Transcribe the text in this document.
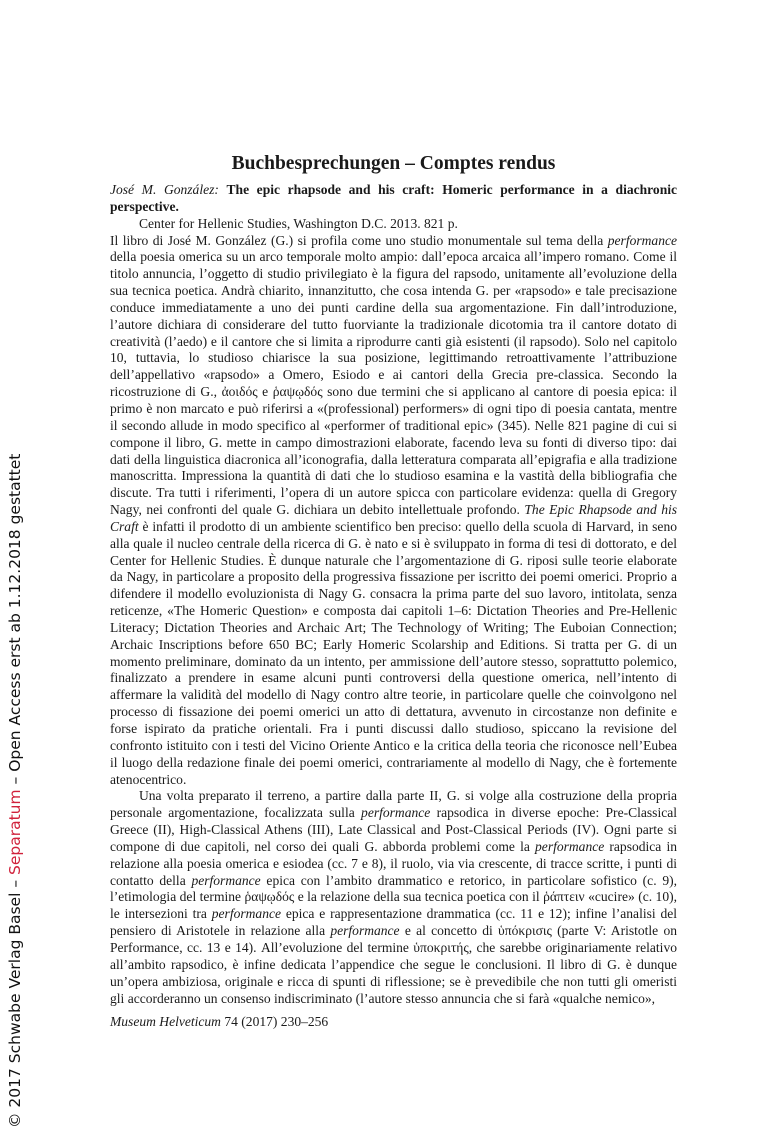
© 2017 Schwabe Verlag Basel – Separatum – Open Access erst ab 1.12.2018 gestattet
Buchbesprechungen – Comptes rendus

José M. González: The epic rhapsode and his craft: Homeric performance in a diachronic perspective.

Center for Hellenic Studies, Washington D.C. 2013. 821 p.

Il libro di José M. González (G.) si profila come uno studio monumentale sul tema della performance della poesia omerica su un arco temporale molto ampio: dall’epoca arcaica all’impero romano. Come il titolo annuncia, l’oggetto di studio privilegiato è la figura del rapsodo, unitamente all’evoluzione della sua tecnica poetica. Andrà chiarito, innanzitutto, che cosa intenda G. per «rapsodo» e tale precisazione conduce immediatamente a uno dei punti cardine della sua argomentazione. Fin dall’introduzione, l’autore dichiara di considerare del tutto fuorviante la tradizionale dicotomia tra il cantore dotato di creatività (l’aedo) e il cantore che si limita a riprodurre canti già esistenti (il rapsodo). Solo nel capitolo 10, tuttavia, lo studioso chiarisce la sua posizione, legittimando retroattivamente l’attribuzione dell’appellativo «rapsodo» a Omero, Esiodo e ai cantori della Grecia pre-classica. Secondo la ricostruzione di G., ἀοιδός e ῥαψῳδός sono due termini che si applicano al cantore di poesia epica: il primo è non marcato e può riferirsi a «(professional) performers» di ogni tipo di poesia cantata, mentre il secondo allude in modo specifico al «performer of traditional epic» (345). Nelle 821 pagine di cui si compone il libro, G. mette in campo dimostrazioni elaborate, facendo leva su fonti di diverso tipo: dai dati della linguistica diacronica all’iconografia, dalla letteratura comparata all’epigrafia e alla tradizione manoscritta. Impressiona la quantità di dati che lo studioso esamina e la vastità della bibliografia che discute. Tra tutti i riferimenti, l’opera di un autore spicca con particolare evidenza: quella di Gregory Nagy, nei confronti del quale G. dichiara un debito intellettuale profondo. The Epic Rhapsode and his Craft è infatti il prodotto di un ambiente scientifico ben preciso: quello della scuola di Harvard, in seno alla quale il nucleo centrale della ricerca di G. è nato e si è sviluppato in forma di tesi di dottorato, e del Center for Hellenic Studies. È dunque naturale che l’argomentazione di G. riposi sulle teorie elaborate da Nagy, in particolare a proposito della progressiva fissazione per iscritto dei poemi omerici. Proprio a difendere il modello evoluzionista di Nagy G. consacra la prima parte del suo lavoro, intitolata, senza reticenze, «The Homeric Question» e composta dai capitoli 1–6: Dictation Theories and Pre-Hellenic Literacy; Dictation Theories and Archaic Art; The Technology of Writing; The Euboian Connection; Archaic Inscriptions before 650 BC; Early Homeric Scolarship and Editions. Si tratta per G. di un momento preliminare, dominato da un intento, per ammissione dell’autore stesso, soprattutto polemico, finalizzato a prendere in esame alcuni punti controversi della questione omerica, nell’intento di affermare la validità del modello di Nagy contro altre teorie, in particolare quelle che coinvolgono nel processo di fissazione dei poemi omerici un atto di dettatura, avvenuto in circostanze non definite e forse ispirato da pratiche orientali. Fra i punti discussi dallo studioso, spiccano la revisione del confronto istituito con i testi del Vicino Oriente Antico e la critica della teoria che riconosce nell’Eubea il luogo della redazione finale dei poemi omerici, contrariamente al modello di Nagy, che è fortemente atenocentrico.

Una volta preparato il terreno, a partire dalla parte II, G. si volge alla costruzione della propria personale argomentazione, focalizzata sulla performance rapsodica in diverse epoche: Pre-Classical Greece (II), High-Classical Athens (III), Late Classical and Post-Classical Periods (IV). Ogni parte si compone di due capitoli, nel corso dei quali G. abborda problemi come la performance rapsodica in relazione alla poesia omerica e esiodea (cc. 7 e 8), il ruolo, via via crescente, di tracce scritte, i punti di contatto della performance epica con l’ambito drammatico e retorico, in particolare sofistico (c. 9), l’etimologia del termine ῥαψῳδός e la relazione della sua tecnica poetica con il ῥάπτειν «cucire» (c. 10), le intersezioni tra performance epica e rappresentazione drammatica (cc. 11 e 12); infine l’analisi del pensiero di Aristotele in relazione alla performance e al concetto di ὑπόκρισις (parte V: Aristotle on Performance, cc. 13 e 14). All’evoluzione del termine ὑποκριτής, che sarebbe originariamente relativo all’ambito rapsodico, è infine dedicata l’appendice che segue le conclusioni. Il libro di G. è dunque un’opera ambiziosa, originale e ricca di spunti di riflessione; se è prevedibile che non tutti gli omeristi gli accorderanno un consenso indiscriminato (l’autore stesso annuncia che si farà «qualche nemico»,

Museum Helveticum 74 (2017) 230–256
